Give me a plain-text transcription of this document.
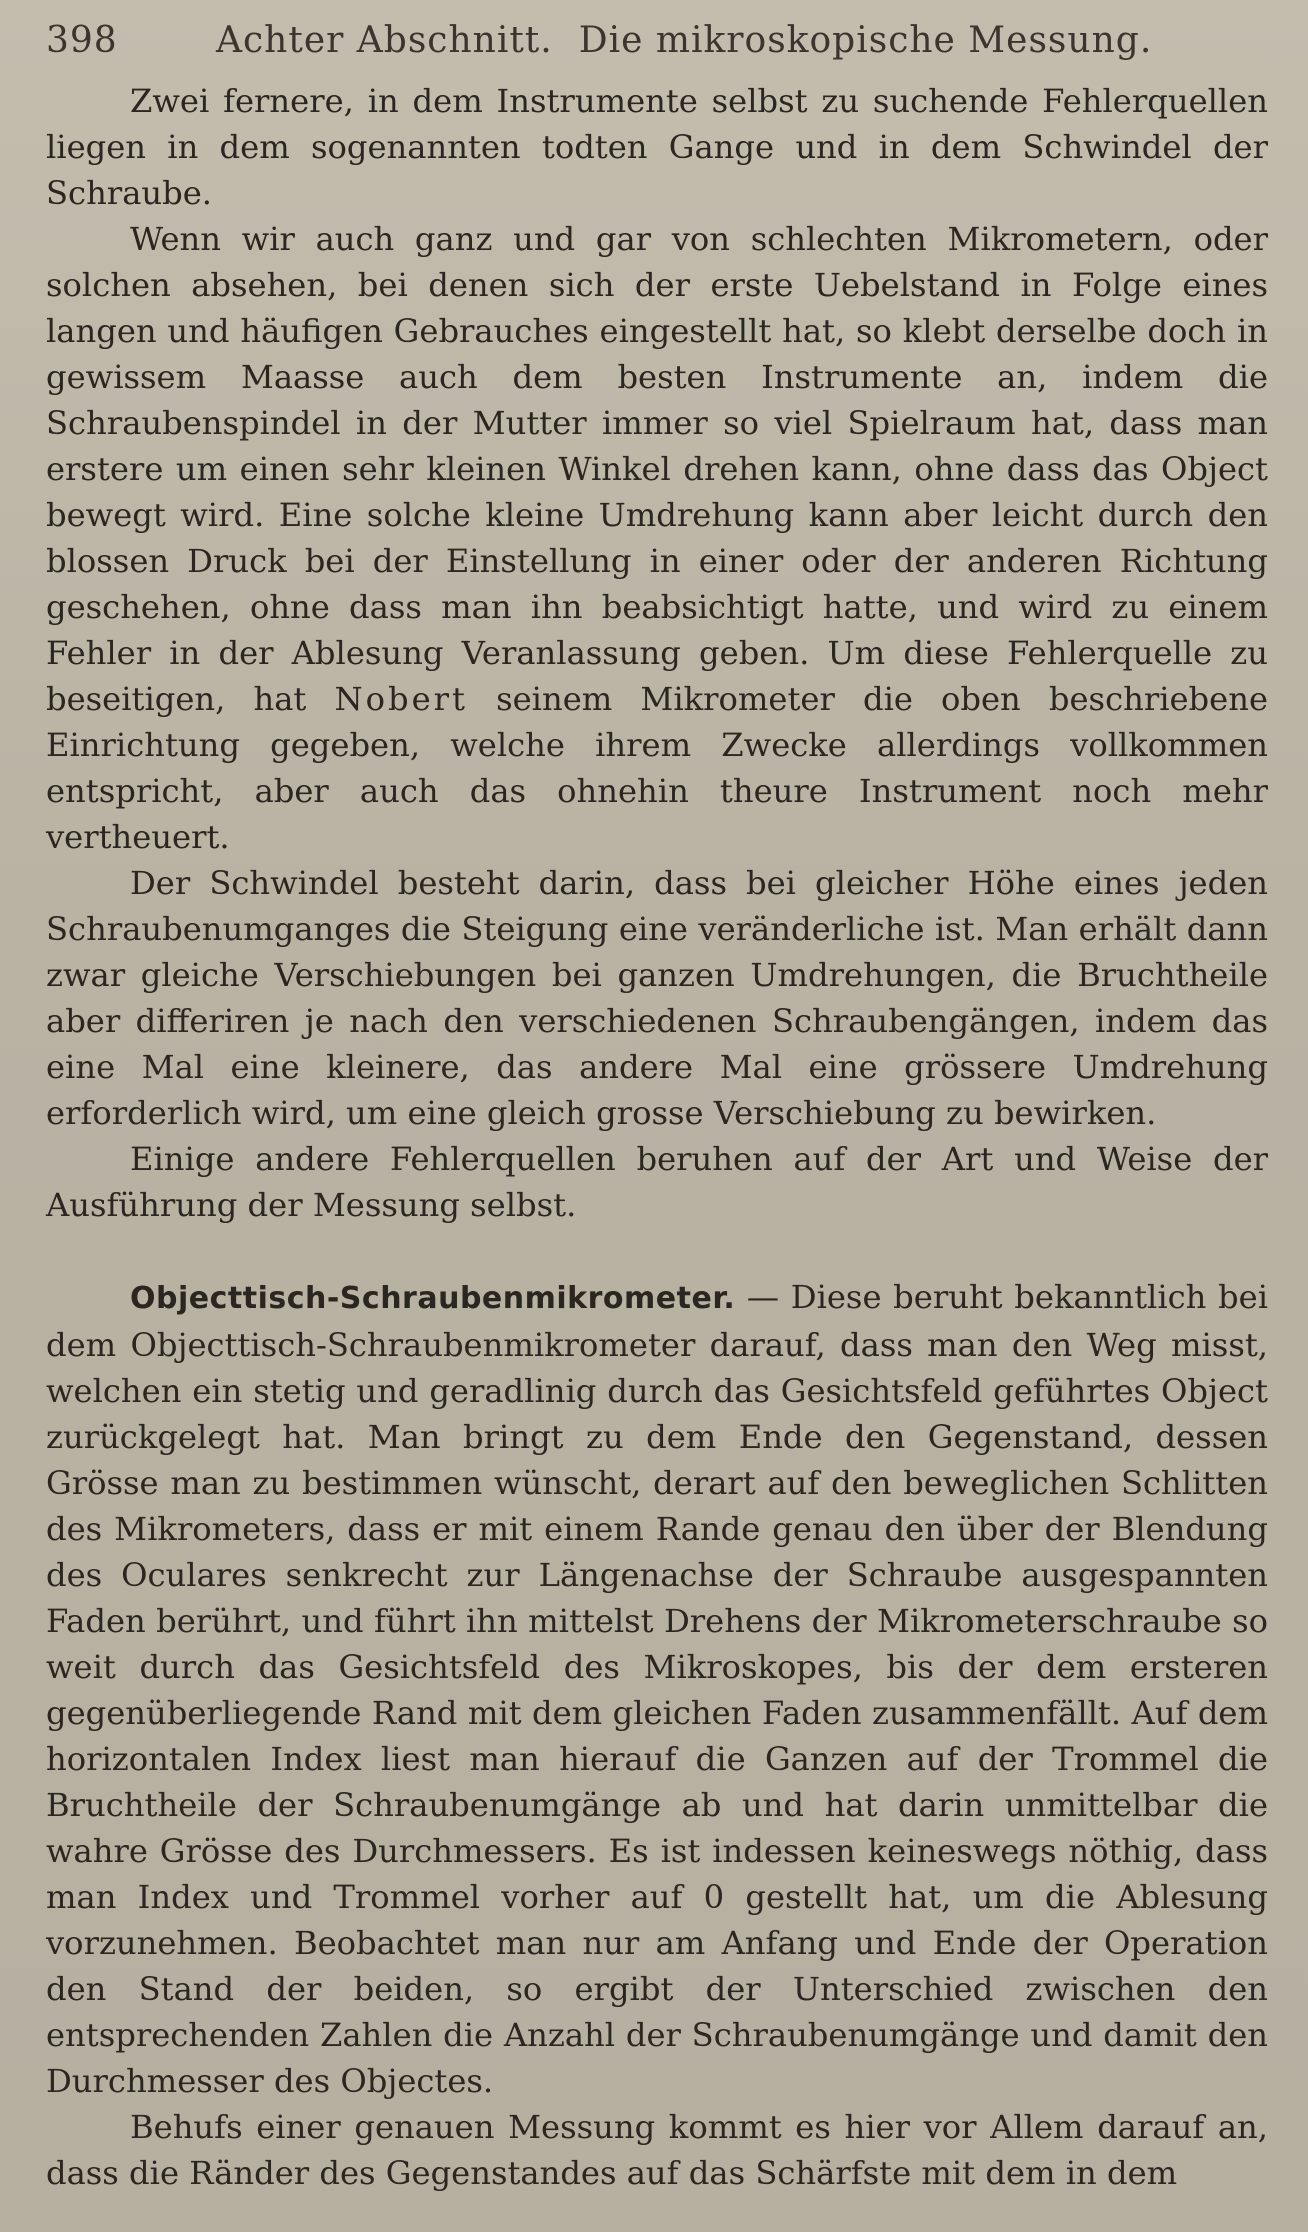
398	Achter Abschnitt. Die mikroskopische Messung.

Zwei fernere, in dem Instrumente selbst zu suchende Fehlerquellen liegen in dem sogenannten todten Gange und in dem Schwindel der Schraube.

Wenn wir auch ganz und gar von schlechten Mikrometern, oder solchen absehen, bei denen sich der erste Uebelstand in Folge eines langen und häufigen Gebrauches eingestellt hat, so klebt derselbe doch in gewissem Maasse auch dem besten Instrumente an, indem die Schraubenspindel in der Mutter immer so viel Spielraum hat, dass man erstere um einen sehr kleinen Winkel drehen kann, ohne dass das Object bewegt wird. Eine solche kleine Umdrehung kann aber leicht durch den blossen Druck bei der Einstellung in einer oder der anderen Richtung geschehen, ohne dass man ihn beabsichtigt hatte, und wird zu einem Fehler in der Ablesung Veranlassung geben. Um diese Fehlerquelle zu beseitigen, hat Nobert seinem Mikrometer die oben beschriebene Einrichtung gegeben, welche ihrem Zwecke allerdings vollkommen entspricht, aber auch das ohnehin theure Instrument noch mehr vertheuert.

Der Schwindel besteht darin, dass bei gleicher Höhe eines jeden Schraubenumganges die Steigung eine veränderliche ist. Man erhält dann zwar gleiche Verschiebungen bei ganzen Umdrehungen, die Bruchtheile aber differiren je nach den verschiedenen Schraubengängen, indem das eine Mal eine kleinere, das andere Mal eine grössere Umdrehung erforderlich wird, um eine gleich grosse Verschiebung zu bewirken.

Einige andere Fehlerquellen beruhen auf der Art und Weise der Ausführung der Messung selbst.

Objecttisch-Schraubenmikrometer. — Diese beruht bekanntlich bei dem Objecttisch-Schraubenmikrometer darauf, dass man den Weg misst, welchen ein stetig und geradlinig durch das Gesichtsfeld geführtes Object zurückgelegt hat. Man bringt zu dem Ende den Gegenstand, dessen Grösse man zu bestimmen wünscht, derart auf den beweglichen Schlitten des Mikrometers, dass er mit einem Rande genau den über der Blendung des Oculares senkrecht zur Längenachse der Schraube ausgespannten Faden berührt, und führt ihn mittelst Drehens der Mikrometerschraube so weit durch das Gesichtsfeld des Mikroskopes, bis der dem ersteren gegenüberliegende Rand mit dem gleichen Faden zusammenfällt. Auf dem horizontalen Index liest man hierauf die Ganzen auf der Trommel die Bruchtheile der Schraubenumgänge ab und hat darin unmittelbar die wahre Grösse des Durchmessers. Es ist indessen keineswegs nöthig, dass man Index und Trommel vorher auf 0 gestellt hat, um die Ablesung vorzunehmen. Beobachtet man nur am Anfang und Ende der Operation den Stand der beiden, so ergibt der Unterschied zwischen den entsprechenden Zahlen die Anzahl der Schraubenumgänge und damit den Durchmesser des Objectes.

Behufs einer genauen Messung kommt es hier vor Allem darauf an, dass die Ränder des Gegenstandes auf das Schärfste mit dem in dem
